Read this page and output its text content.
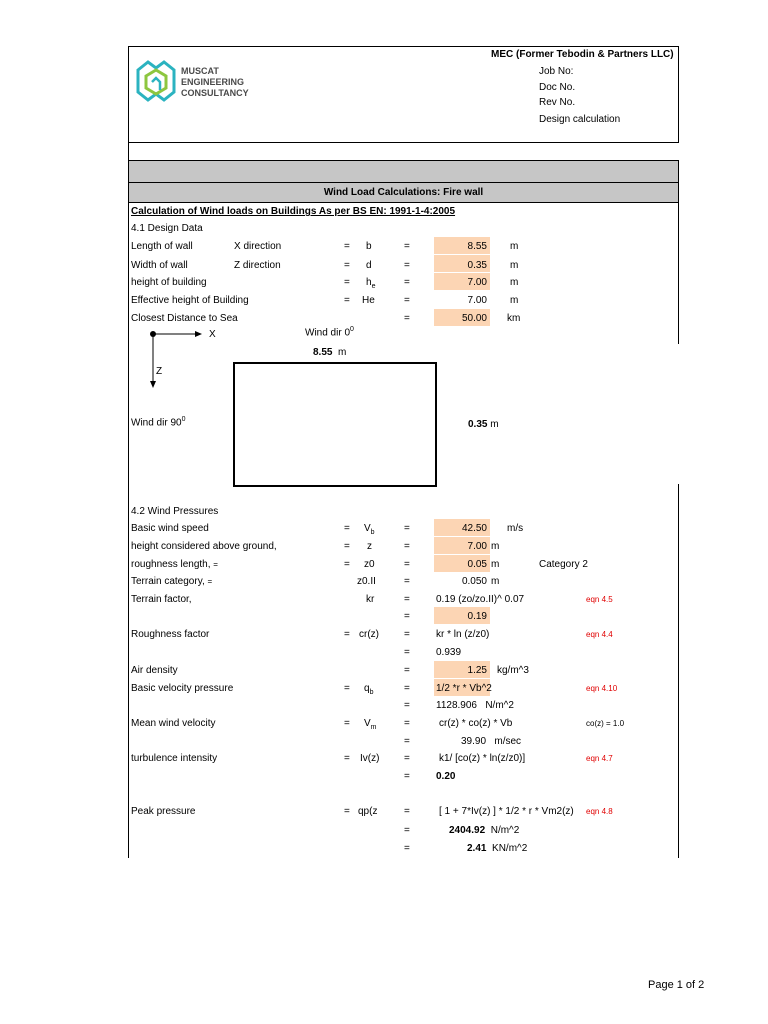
MUSCAT
ENGINEERING
CONSULTANCY
MEC (Former Tebodin & Partners LLC)
Job No:
Doc No.
Rev No.
Design calculation
Wind Load Calculations: Fire wall
Calculation of Wind loads on Buildings As per BS EN: 1991-1-4:2005
4.1 Design Data
Length of wall	X direction	= b	=	8.55 m
Width of wall	Z direction	= d	=	0.35 m
height of building	= $h_e$	=	7.00 m
Effective height of Building	= He	=	7.00 m
Closest Distance to Sea	=	50.00 km
X
Z
Wind dir $0^0$
8.55 m
Wind dir $90^0$	0.35 m
4.2 Wind Pressures
Basic wind speed	= $V_b$	=	42.50 m/s
height considered above ground,	= z	=	7.00 m
roughness length, =	= z0	=	0.05 m	Category 2
Terrain category, =	z0.II	=	0.050 m
Terrain factor,	kr	=	0.19 (zo/zo.II)^ 0.07	eqn 4.5
=	0.19
Roughness factor	= cr(z)	=	kr * ln (z/z0)	eqn 4.4
=	0.939
Air density	=	1.25 kg/m^3
Basic velocity pressure	= $q_b$	=	1/2 *r * Vb^2	eqn 4.10
=	1128.906 N/m^2
Mean wind velocity	= $V_m$	=	cr(z) * co(z) * Vb	co(z) = 1.0
=	39.90 m/sec
turbulence intensity	= Iv(z) =	k1/ [co(z) * ln(z/z0)]	eqn 4.7
=	0.20
Peak pressure	= qp(z	=	[ 1 + 7*Iv(z) ] * 1/2 * r * Vm2(z) eqn 4.8
=	2404.92 N/m^2
=	2.41 KN/m^2
Page 1 of 2
